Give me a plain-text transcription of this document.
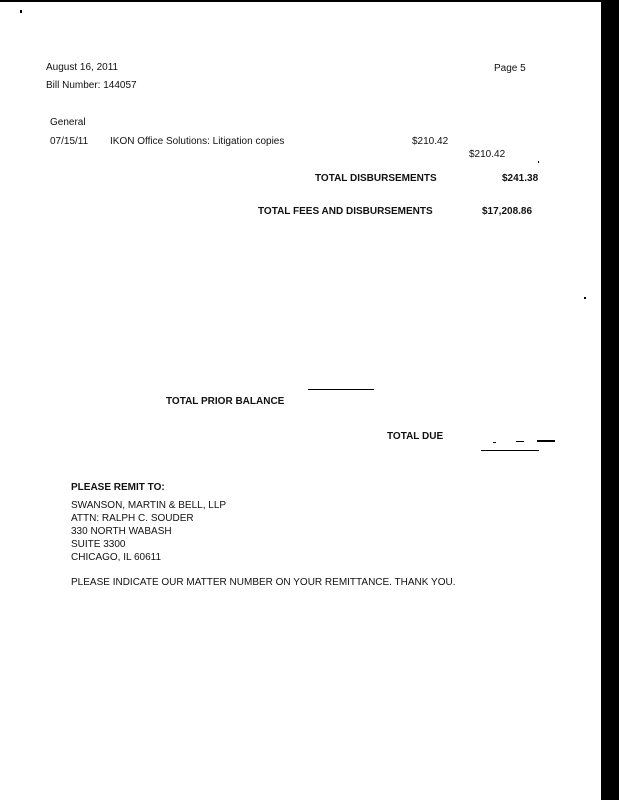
August 16, 2011	Page 5
Bill Number: 144057
General
07/15/11 IKON Office Solutions: Litigation copies	$210.42
$210.42
TOTAL DISBURSEMENTS	$241.38
TOTAL FEES AND DISBURSEMENTS	$17,208.86
TOTAL PRIOR BALANCE
TOTAL DUE
PLEASE REMIT TO:
SWANSON, MARTIN & BELL, LLP
ATTN: RALPH C. SOUDER
330 NORTH WABASH
SUITE 3300
CHICAGO, IL 60611
PLEASE INDICATE OUR MATTER NUMBER ON YOUR REMITTANCE. THANK YOU.
